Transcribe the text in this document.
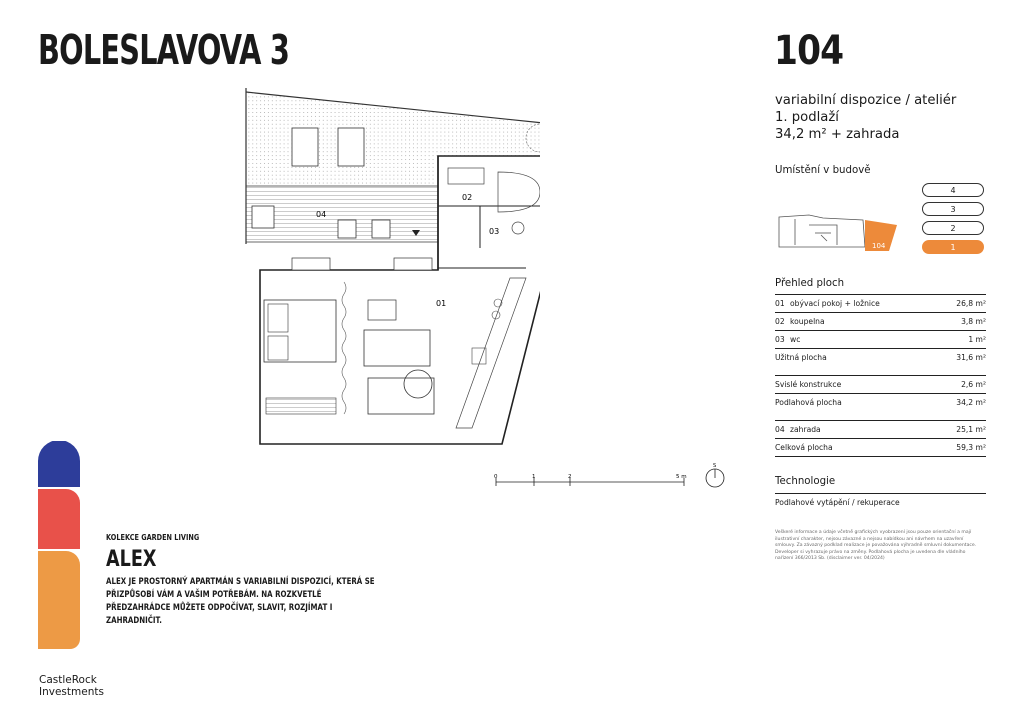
BOLESLAVOVA 3	104
variabilní dispozice / ateliér
1. podlaží
34,2 m² + zahrada
Umístění v budově
104
4
3
2
1
Přehled ploch
01 obývací pokoj + ložnice	26,8 m²
02 koupelna	3,8 m²
03 wc	1 m²
Užitná plocha	31,6 m²
Svislé konstrukce	2,6 m²
Podlahová plocha	34,2 m²
04 zahrada	25,1 m²
Celková plocha	59,3 m²
Technologie
Podlahové vytápění / rekuperace
Veškeré informace a údaje včetně grafických vyobrazení jsou pouze orientační a mají ilustrativní charakter, nejsou závazné a nejsou nabídkou ani návrhem na uzavření smlouvy. Za závazný podklad realizace je považována výhradně smluvní dokumentace. Developer si vyhrazuje právo na změny. Podlahová plocha je uvedena dle vládního nařízení 366/2013 Sb. (disclaimer ver. 04/2024)
01
02
03
04
0	1	2	5 m
S
KOLEKCE GARDEN LIVING
ALEX
ALEX JE PROSTORNÝ APARTMÁN S VARIABILNÍ DISPOZICÍ, KTERÁ SE PŘIZPŮSOBÍ VÁM A VAŠIM POTŘEBÁM. NA ROZKVETLÉ PŘEDZAHRÁDCE MŮŽETE ODPOČÍVAT, SLAVIT, ROZJÍMAT I ZAHRADNIČIT.
CastleRock
Investments
